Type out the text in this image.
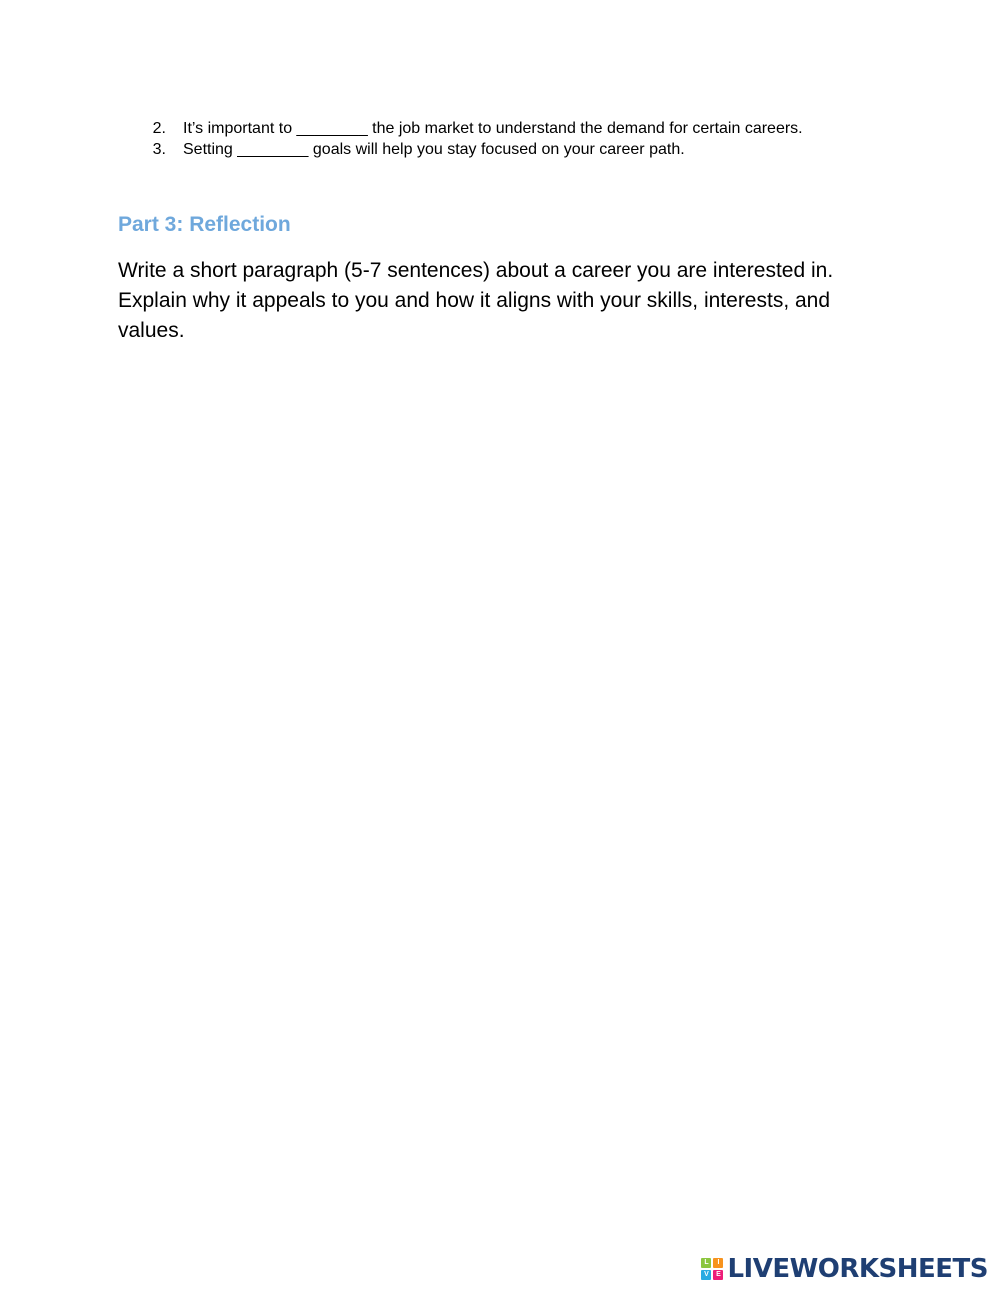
2.	It’s important to ________ the job market to understand the demand for certain careers.
3.	Setting ________ goals will help you stay focused on your career path.
Part 3: Reflection
Write a short paragraph (5-7 sentences) about a career you are interested in. Explain why it appeals to you and how it aligns with your skills, interests, and values.
L	I
V	E LIVEWORKSHEETS
